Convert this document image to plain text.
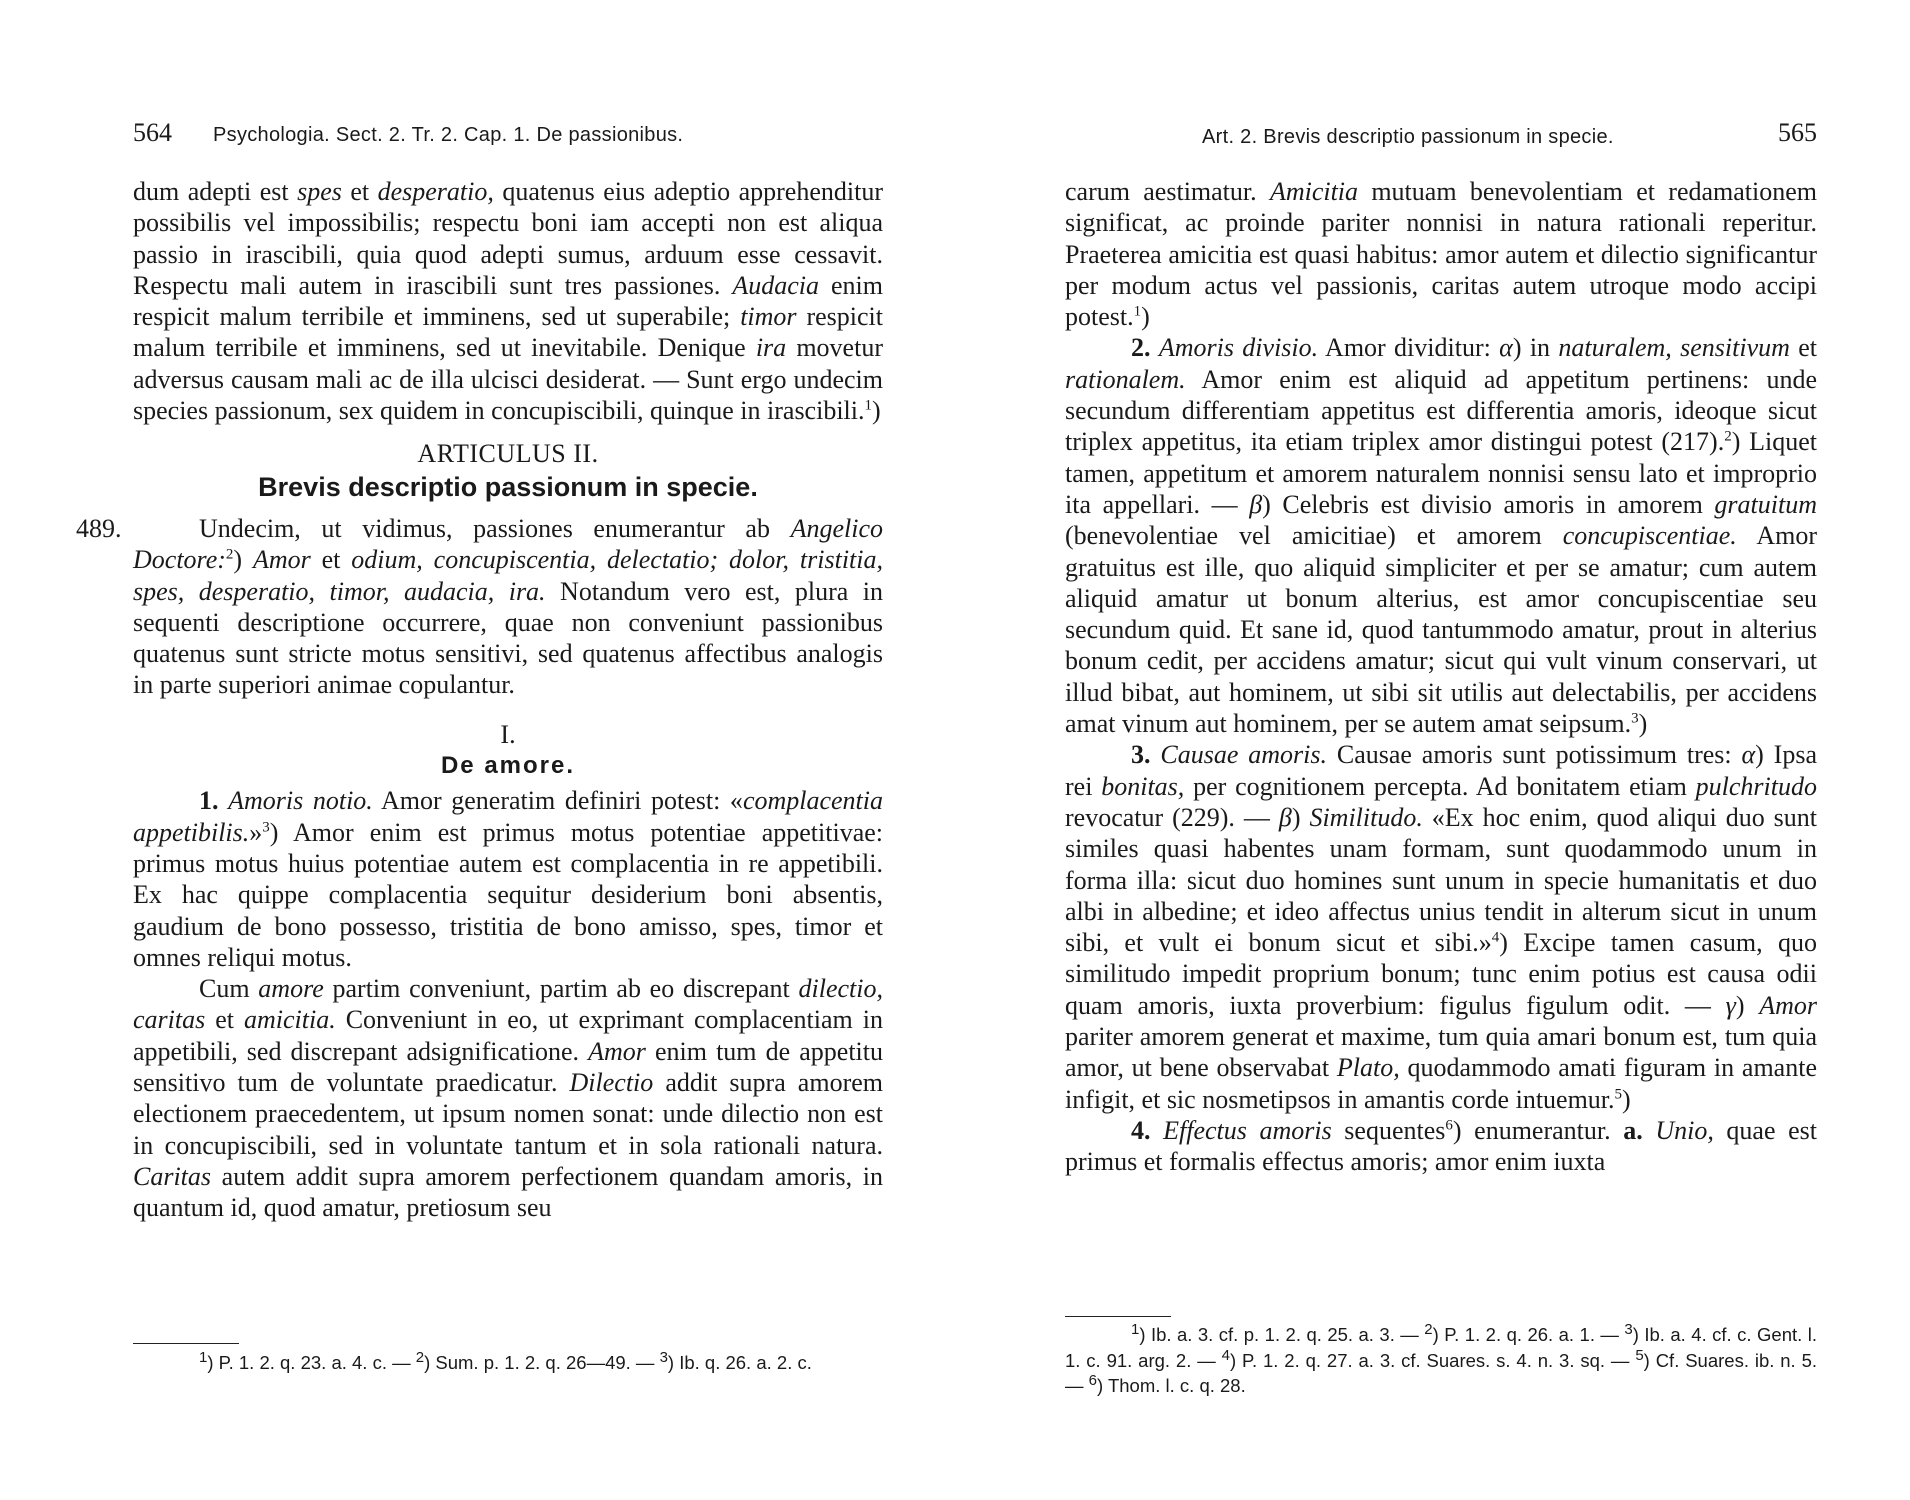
564 Psychologia. Sect. 2. Tr. 2. Cap. 1. De passionibus.

dum adepti est spes et desperatio, quatenus eius adeptio apprehenditur possibilis vel impossibilis; respectu boni iam accepti non est aliqua passio in irascibili, quia quod adepti sumus, arduum esse cessavit. Respectu mali autem in irascibili sunt tres passiones. Audacia enim respicit malum terribile et imminens, sed ut superabile; timor respicit malum terribile et imminens, sed ut inevitabile. Denique ira movetur adversus causam mali ac de illa ulcisci desiderat. — Sunt ergo undecim species passionum, sex quidem in concupiscibili, quinque in irascibili.$^1$)

ARTICULUS II.
Brevis descriptio passionum in specie.

489.	Undecim, ut vidimus, passiones enumerantur ab Angelico Doctore:$^2$) Amor et odium, concupiscentia, delectatio; dolor, tristitia, spes, desperatio, timor, audacia, ira. Notandum vero est, plura in sequenti descriptione occurrere, quae non conveniunt passionibus quatenus sunt stricte motus sensitivi, sed quatenus affectibus analogis in parte superiori animae copulantur.

I.
De amore.

1. Amoris notio. Amor generatim definiri potest: «complacentia appetibilis.»$^3$) Amor enim est primus motus potentiae appetitivae: primus motus huius potentiae autem est complacentia in re appetibili. Ex hac quippe complacentia sequitur desiderium boni absentis, gaudium de bono possesso, tristitia de bono amisso, spes, timor et omnes reliqui motus.

Cum amore partim conveniunt, partim ab eo discrepant dilectio, caritas et amicitia. Conveniunt in eo, ut exprimant complacentiam in appetibili, sed discrepant adsignificatione. Amor enim tum de appetitu sensitivo tum de voluntate praedicatur. Dilectio addit supra amorem electionem praecedentem, ut ipsum nomen sonat: unde dilectio non est in concupiscibili, sed in voluntate tantum et in sola rationali natura. Caritas autem addit supra amorem perfectionem quandam amoris, in quantum id, quod amatur, pretiosum seu

$^1$) P. 1. 2. q. 23. a. 4. c. — $^2$) Sum. p. 1. 2. q. 26—49. — $^3$) Ib. q. 26. a. 2. c.
Art. 2. Brevis descriptio passionum in specie.	565

carum aestimatur. Amicitia mutuam benevolentiam et redamationem significat, ac proinde pariter nonnisi in natura rationali reperitur. Praeterea amicitia est quasi habitus: amor autem et dilectio significantur per modum actus vel passionis, caritas autem utroque modo accipi potest.$^1$)

2. Amoris divisio. Amor dividitur: α) in naturalem, sensitivum et rationalem. Amor enim est aliquid ad appetitum pertinens: unde secundum differentiam appetitus est differentia amoris, ideoque sicut triplex appetitus, ita etiam triplex amor distingui potest (217).$^2$) Liquet tamen, appetitum et amorem naturalem nonnisi sensu lato et improprio ita appellari. — β) Celebris est divisio amoris in amorem gratuitum (benevolentiae vel amicitiae) et amorem concupiscentiae. Amor gratuitus est ille, quo aliquid simpliciter et per se amatur; cum autem aliquid amatur ut bonum alterius, est amor concupiscentiae seu secundum quid. Et sane id, quod tantummodo amatur, prout in alterius bonum cedit, per accidens amatur; sicut qui vult vinum conservari, ut illud bibat, aut hominem, ut sibi sit utilis aut delectabilis, per accidens amat vinum aut hominem, per se autem amat seipsum.$^3$)

3. Causae amoris. Causae amoris sunt potissimum tres: α) Ipsa rei bonitas, per cognitionem percepta. Ad bonitatem etiam pulchritudo revocatur (229). — β) Similitudo. «Ex hoc enim, quod aliqui duo sunt similes quasi habentes unam formam, sunt quodammodo unum in forma illa: sicut duo homines sunt unum in specie humanitatis et duo albi in albedine; et ideo affectus unius tendit in alterum sicut in unum sibi, et vult ei bonum sicut et sibi.»$^4$) Excipe tamen casum, quo similitudo impedit proprium bonum; tunc enim potius est causa odii quam amoris, iuxta proverbium: figulus figulum odit. — γ) Amor pariter amorem generat et maxime, tum quia amari bonum est, tum quia amor, ut bene observabat Plato, quodammodo amati figuram in amante infigit, et sic nosmetipsos in amantis corde intuemur.$^5$)

4. Effectus amoris sequentes$^6$) enumerantur. a. Unio, quae est primus et formalis effectus amoris; amor enim iuxta

$^1$) Ib. a. 3. cf. p. 1. 2. q. 25. a. 3. — $^2$) P. 1. 2. q. 26. a. 1. — $^3$) Ib. a. 4. cf. c. Gent. l. 1. c. 91. arg. 2. — $^4$) P. 1. 2. q. 27. a. 3. cf. Suares. s. 4. n. 3. sq. — $^5$) Cf. Suares. ib. n. 5. — $^6$) Thom. l. c. q. 28.
